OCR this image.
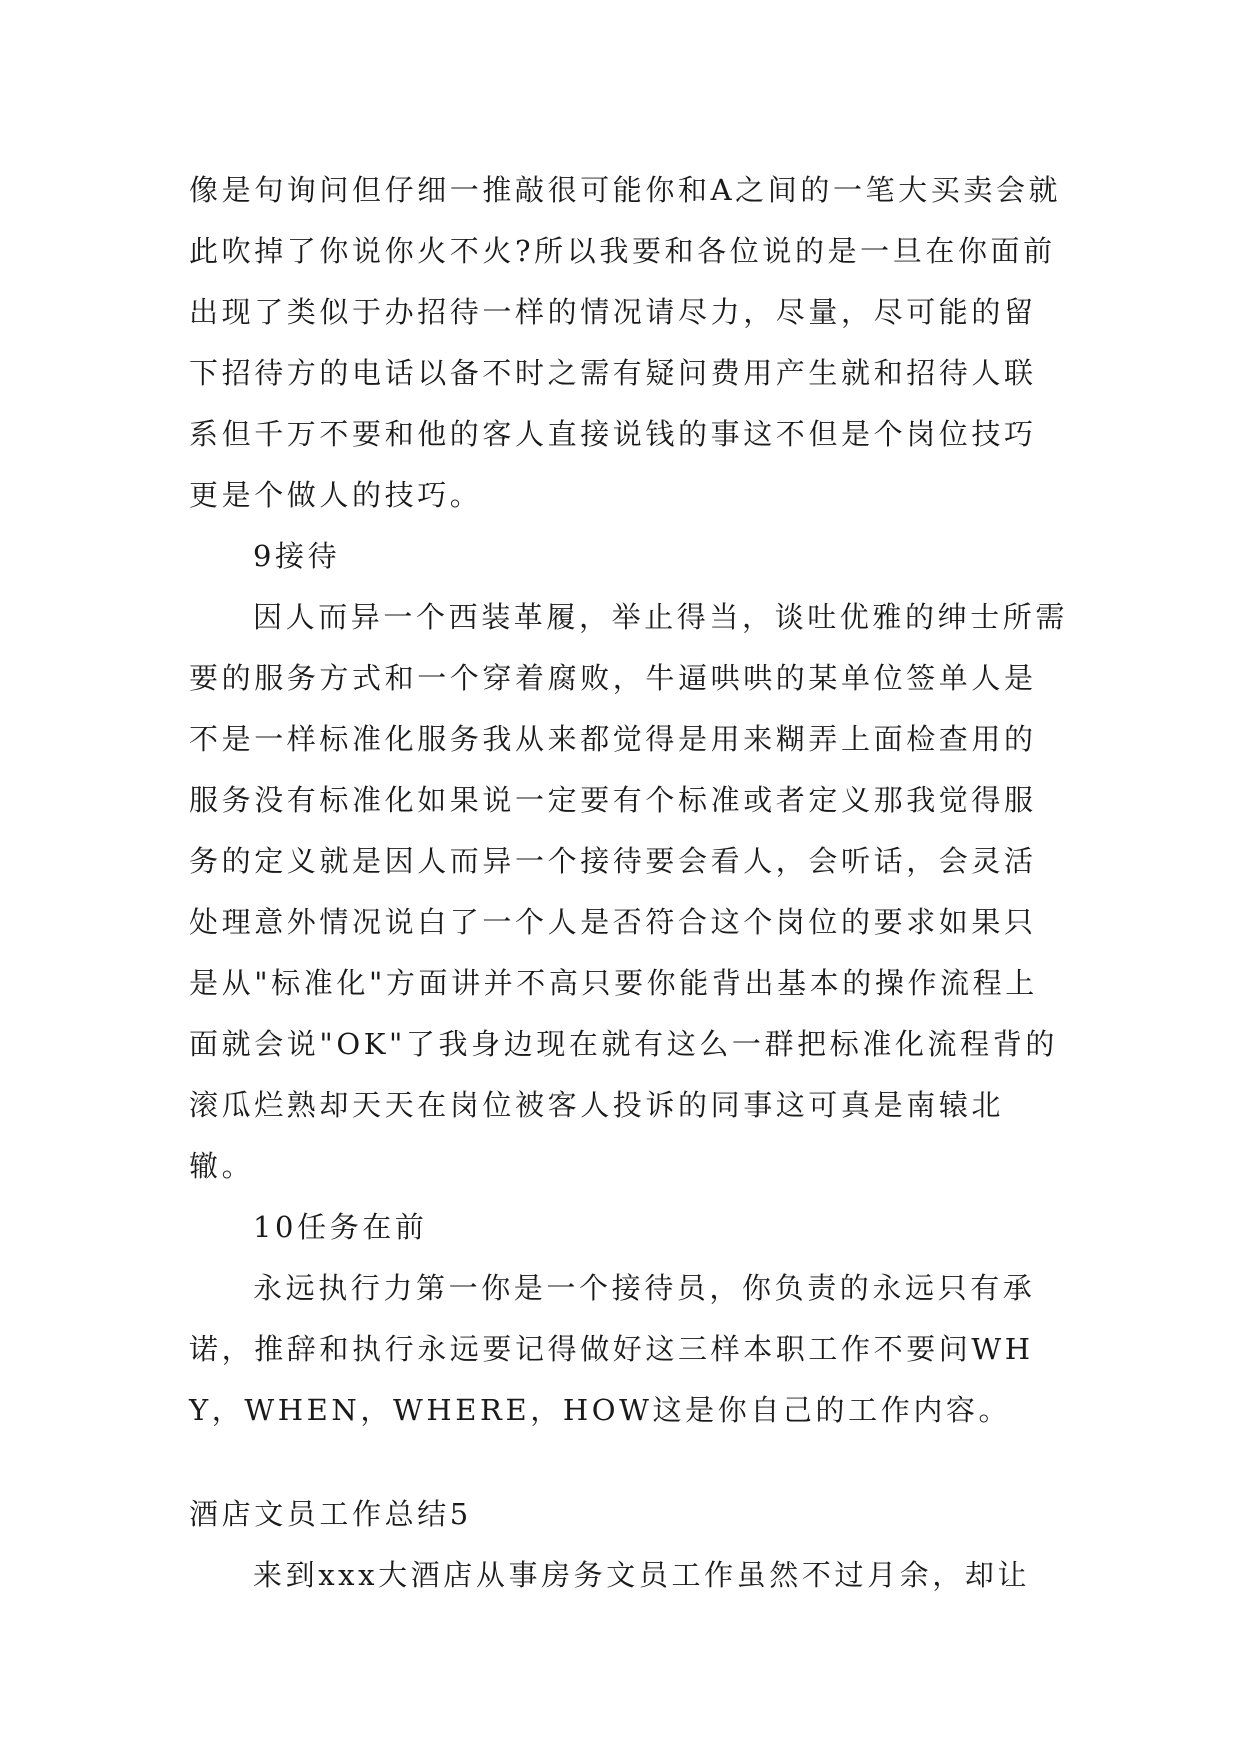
像是句询问但仔细一推敲很可能你和A之间的一笔大买卖会就此吹掉了你说你火不火?所以我要和各位说的是一旦在你面前出现了类似于办招待一样的情况请尽力，尽量，尽可能的留下招待方的电话以备不时之需有疑问费用产生就和招待人联系但千万不要和他的客人直接说钱的事这不但是个岗位技巧更是个做人的技巧。

9接待

因人而异一个西装革履，举止得当，谈吐优雅的绅士所需要的服务方式和一个穿着腐败，牛逼哄哄的某单位签单人是不是一样标准化服务我从来都觉得是用来糊弄上面检查用的服务没有标准化如果说一定要有个标准或者定义那我觉得服务的定义就是因人而异一个接待要会看人，会听话，会灵活处理意外情况说白了一个人是否符合这个岗位的要求如果只是从"标准化"方面讲并不高只要你能背出基本的操作流程上面就会说"OK"了我身边现在就有这么一群把标准化流程背的滚瓜烂熟却天天在岗位被客人投诉的同事这可真是南辕北辙。

10任务在前

永远执行力第一你是一个接待员，你负责的永远只有承诺，推辞和执行永远要记得做好这三样本职工作不要问WHY，WHEN，WHERE，HOW这是你自己的工作内容。

酒店文员工作总结5

来到xxx大酒店从事房务文员工作虽然不过月余，却让
